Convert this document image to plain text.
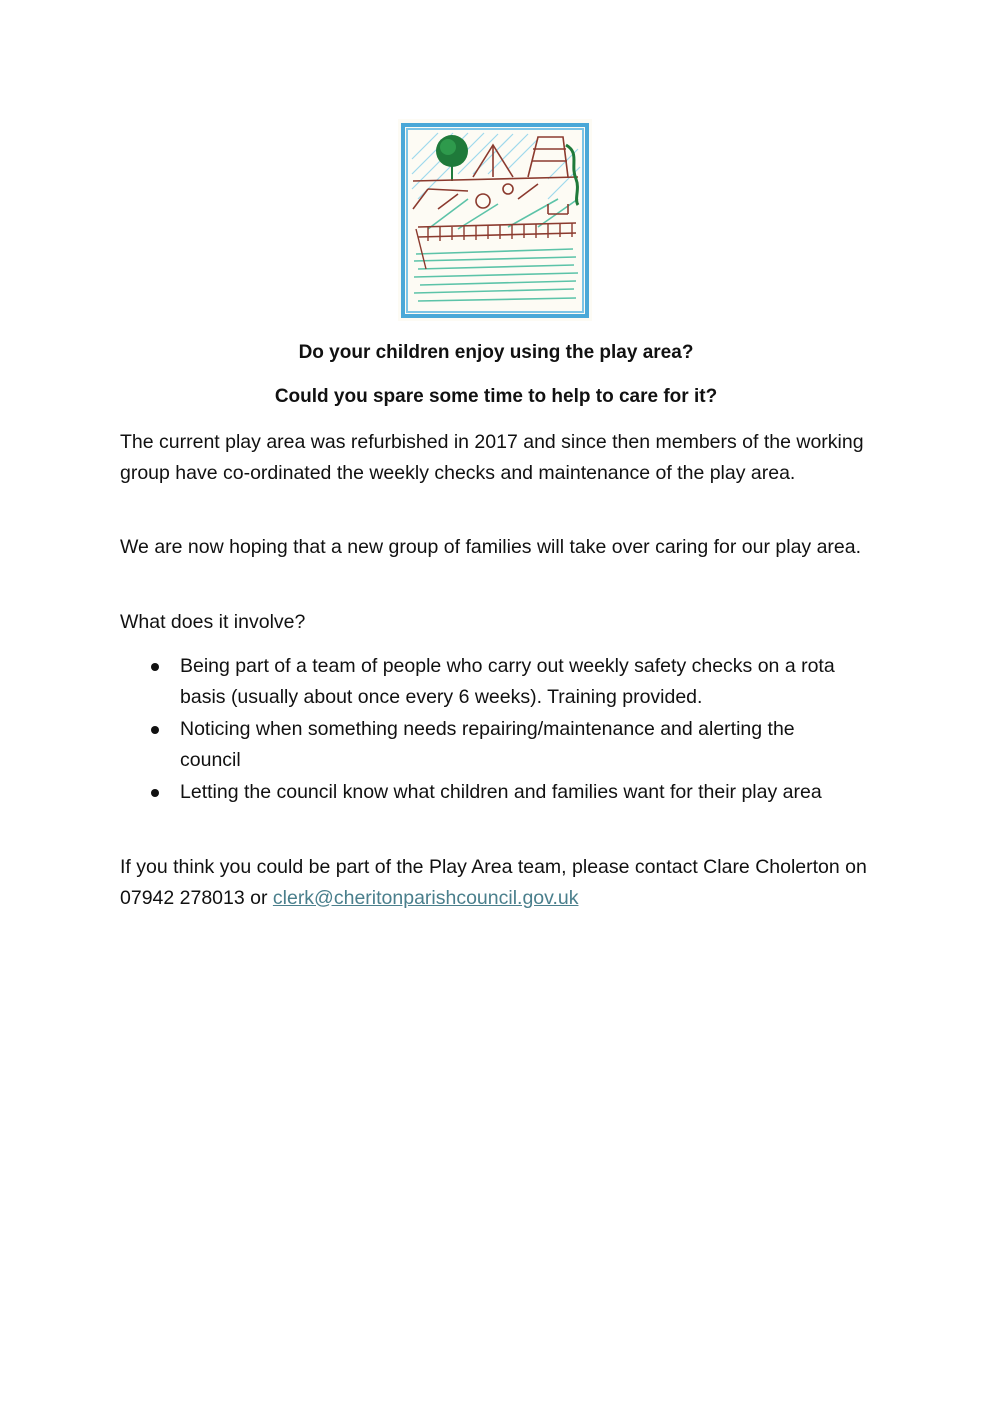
Do your children enjoy using the play area?
Could you spare some time to help to care for it?

The current play area was refurbished in 2017 and since then members of the working group have co-ordinated the weekly checks and maintenance of the play area.

We are now hoping that a new group of families will take over caring for our play area.

What does it involve?

Being part of a team of people who carry out weekly safety checks on a rota basis (usually about once every 6 weeks). Training provided.
Noticing when something needs repairing/maintenance and alerting the council
Letting the council know what children and families want for their play area

If you think you could be part of the Play Area team, please contact Clare Cholerton on 07942 278013 or clerk@cheritonparishcouncil.gov.uk
